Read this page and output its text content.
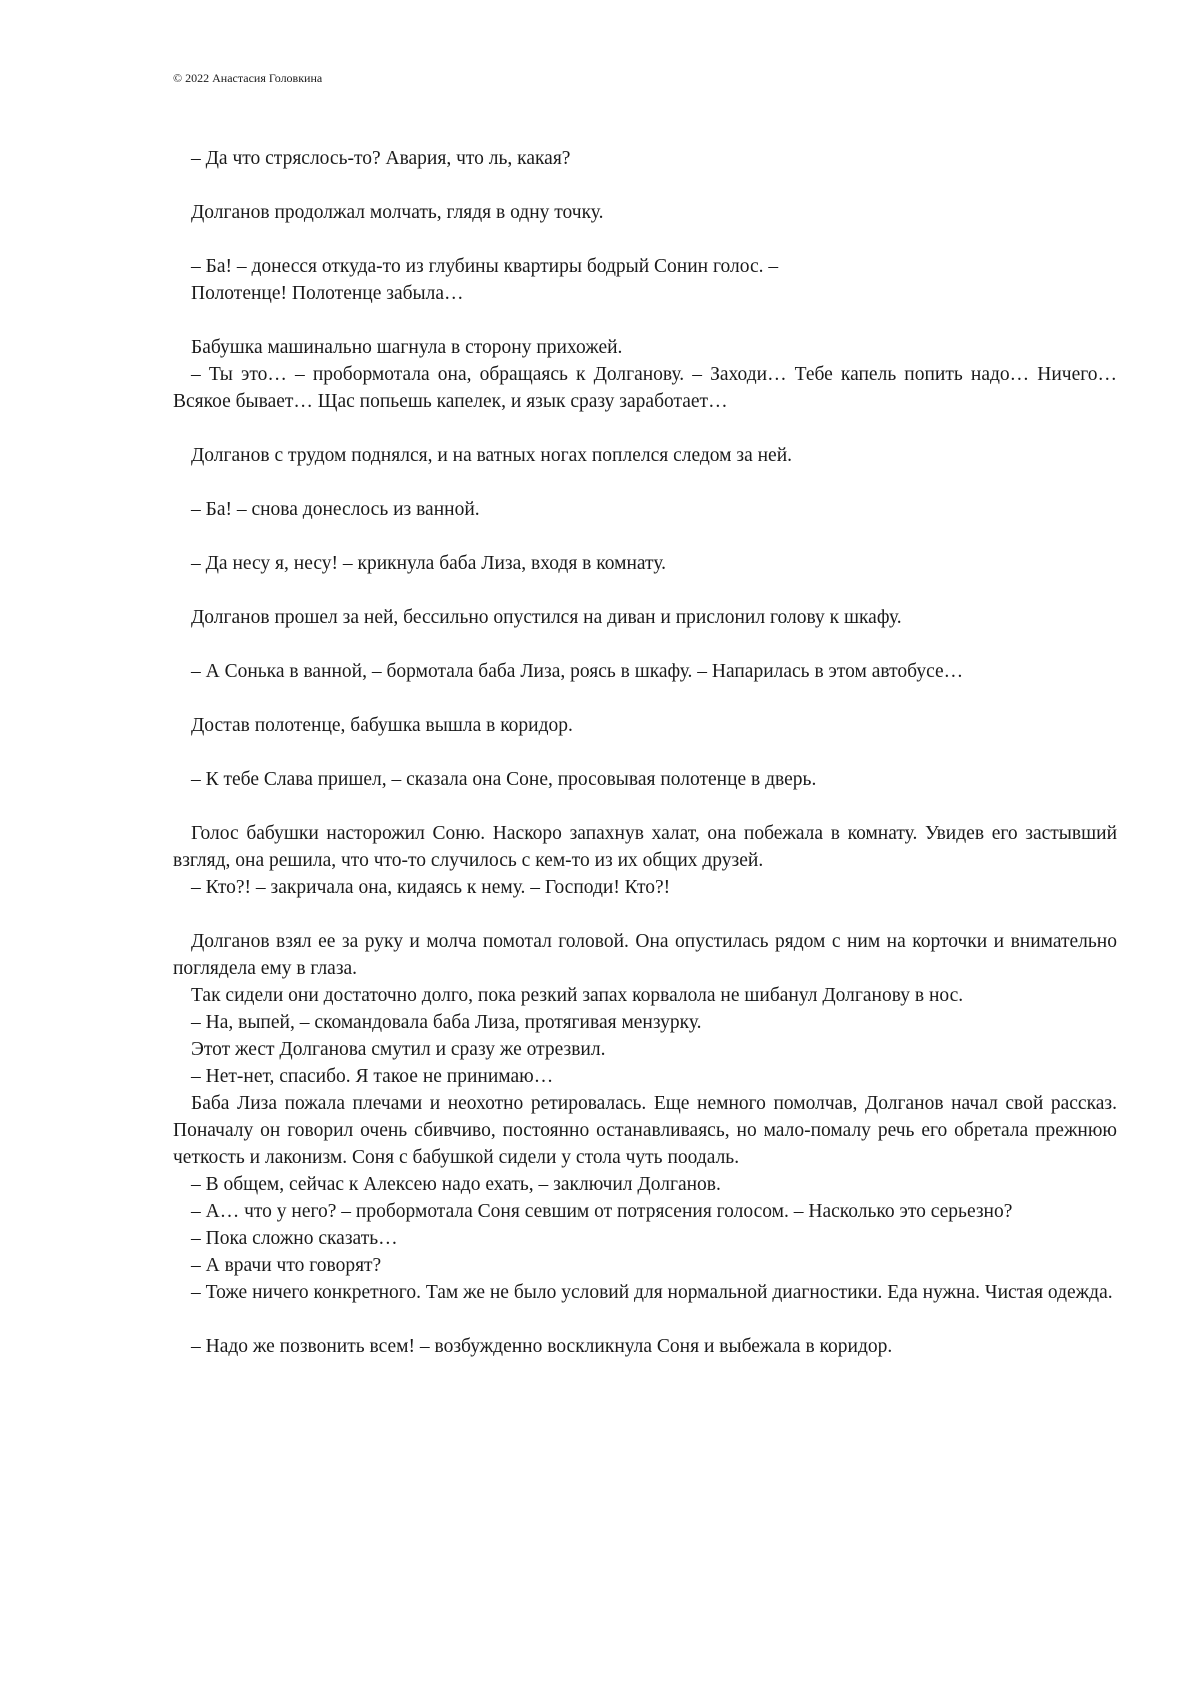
© 2022 Анастасия Головкина

– Да что стряслось-то? Авария, что ль, какая?

Долганов продолжал молчать, глядя в одну точку.

– Ба! – донесся откуда-то из глубины квартиры бодрый Сонин голос. –

Полотенце! Полотенце забыла…

Бабушка машинально шагнула в сторону прихожей.

– Ты это… – пробормотала она, обращаясь к Долганову. – Заходи… Тебе капель попить надо… Ничего… Всякое бывает… Щас попьешь капелек, и язык сразу заработает…

Долганов с трудом поднялся, и на ватных ногах поплелся следом за ней.

– Ба! – снова донеслось из ванной.

– Да несу я, несу! – крикнула баба Лиза, входя в комнату.

Долганов прошел за ней, бессильно опустился на диван и прислонил голову к шкафу.

– А Сонька в ванной, – бормотала баба Лиза, роясь в шкафу. – Напарилась в этом автобусе…

Достав полотенце, бабушка вышла в коридор.

– К тебе Слава пришел, – сказала она Соне, просовывая полотенце в дверь.

Голос бабушки насторожил Соню. Наскоро запахнув халат, она побежала в комнату. Увидев его застывший взгляд, она решила, что что-то случилось с кем-то из их общих друзей.

– Кто?! – закричала она, кидаясь к нему. – Господи! Кто?!

Долганов взял ее за руку и молча помотал головой. Она опустилась рядом с ним на корточки и внимательно поглядела ему в глаза.

Так сидели они достаточно долго, пока резкий запах корвалола не шибанул Долганову в нос.

– На, выпей, – скомандовала баба Лиза, протягивая мензурку.

Этот жест Долганова смутил и сразу же отрезвил.

– Нет-нет, спасибо. Я такое не принимаю…

Баба Лиза пожала плечами и неохотно ретировалась. Еще немного помолчав, Долганов начал свой рассказ. Поначалу он говорил очень сбивчиво, постоянно останавливаясь, но мало-помалу речь его обретала прежнюю четкость и лаконизм. Соня с бабушкой сидели у стола чуть поодаль.

– В общем, сейчас к Алексею надо ехать, – заключил Долганов.

– А… что у него? – пробормотала Соня севшим от потрясения голосом. – Насколько это серьезно?

– Пока сложно сказать…

– А врачи что говорят?

– Тоже ничего конкретного. Там же не было условий для нормальной диагностики. Еда нужна. Чистая одежда.

– Надо же позвонить всем! – возбужденно воскликнула Соня и выбежала в коридор.
